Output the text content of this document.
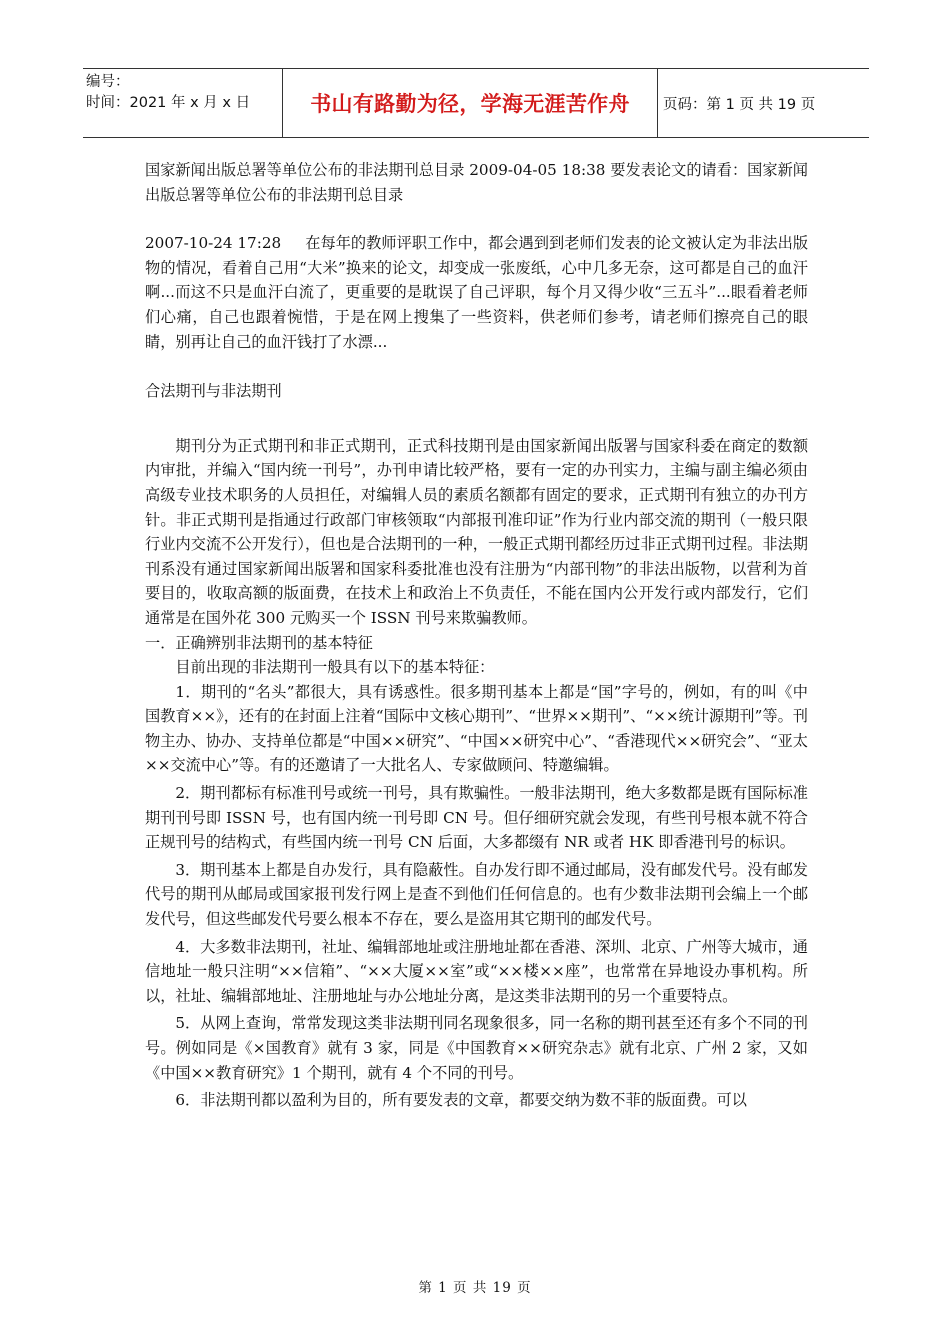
编号：
时间：2021 年 x 月 x 日	书山有路勤为径，学海无涯苦作舟 页码：第 1 页 共 19 页

国家新闻出版总署等单位公布的非法期刊总目录 2009-04-05 18:38 要发表论文的请看：国家新闻出版总署等单位公布的非法期刊总目录

2007-10-24 17:28 在每年的教师评职工作中，都会遇到到老师们发表的论文被认定为非法出版物的情况，看着自己用“大米”换来的论文，却变成一张废纸，心中几多无奈，这可都是自己的血汗啊...而这不只是血汗白流了，更重要的是耽误了自己评职，每个月又得少收“三五斗”...眼看着老师们心痛，自己也跟着惋惜，于是在网上搜集了一些资料，供老师们参考，请老师们擦亮自己的眼睛，别再让自己的血汗钱打了水漂...

合法期刊与非法期刊

期刊分为正式期刊和非正式期刊，正式科技期刊是由国家新闻出版署与国家科委在商定的数额内审批，并编入“国内统一刊号”，办刊申请比较严格，要有一定的办刊实力，主编与副主编必须由高级专业技术职务的人员担任，对编辑人员的素质名额都有固定的要求，正式期刊有独立的办刊方针。非正式期刊是指通过行政部门审核领取“内部报刊准印证”作为行业内部交流的期刊（一般只限行业内交流不公开发行），但也是合法期刊的一种，一般正式期刊都经历过非正式期刊过程。非法期刊系没有通过国家新闻出版署和国家科委批准也没有注册为“内部刊物”的非法出版物，以营利为首要目的，收取高额的版面费，在技术上和政治上不负责任，不能在国内公开发行或内部发行，它们通常是在国外花 300 元购买一个 ISSN 刊号来欺骗教师。

一．正确辨别非法期刊的基本特征

目前出现的非法期刊一般具有以下的基本特征：

1．期刊的“名头”都很大，具有诱惑性。很多期刊基本上都是“国”字号的，例如，有的叫《中国教育××》，还有的在封面上注着“国际中文核心期刊”、“世界××期刊”、“××统计源期刊”等。刊物主办、协办、支持单位都是“中国××研究”、“中国××研究中心”、“香港现代××研究会”、“亚太××交流中心”等。有的还邀请了一大批名人、专家做顾问、特邀编辑。

2．期刊都标有标准刊号或统一刊号，具有欺骗性。一般非法期刊，绝大多数都是既有国际标准期刊刊号即 ISSN 号，也有国内统一刊号即 CN 号。但仔细研究就会发现，有些刊号根本就不符合正规刊号的结构式，有些国内统一刊号 CN 后面，大多都缀有 NR 或者 HK 即香港刊号的标识。

3．期刊基本上都是自办发行，具有隐蔽性。自办发行即不通过邮局，没有邮发代号。没有邮发代号的期刊从邮局或国家报刊发行网上是查不到他们任何信息的。也有少数非法期刊会编上一个邮发代号，但这些邮发代号要么根本不存在，要么是盗用其它期刊的邮发代号。

4．大多数非法期刊，社址、编辑部地址或注册地址都在香港、深圳、北京、广州等大城市，通信地址一般只注明“××信箱”、“××大厦××室”或“××楼××座”，也常常在异地设办事机构。所以，社址、编辑部地址、注册地址与办公地址分离，是这类非法期刊的另一个重要特点。

5．从网上查询，常常发现这类非法期刊同名现象很多，同一名称的期刊甚至还有多个不同的刊号。例如同是《×国教育》就有 3 家，同是《中国教育××研究杂志》就有北京、广州 2 家，又如《中国××教育研究》1 个期刊，就有 4 个不同的刊号。

6．非法期刊都以盈利为目的，所有要发表的文章，都要交纳为数不菲的版面费。可以

第 1 页 共 19 页
